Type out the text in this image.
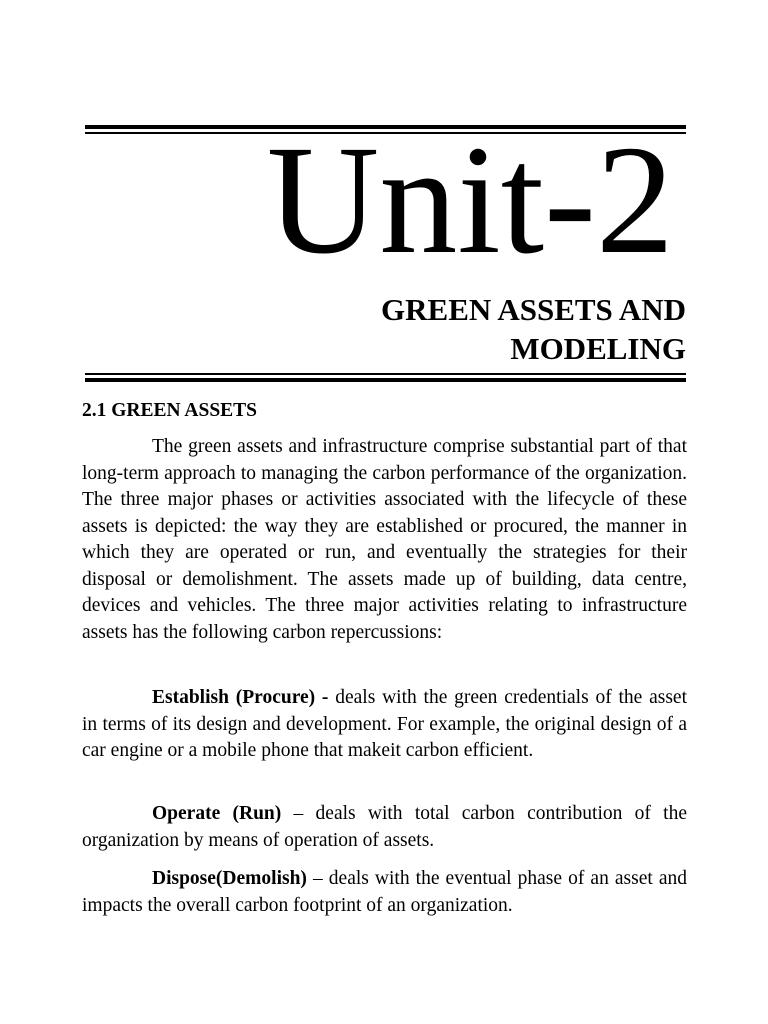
Unit-2
GREEN ASSETS AND
MODELING
2.1 GREEN ASSETS

The green assets and infrastructure comprise substantial part of that long-term approach to managing the carbon performance of the organization. The three major phases or activities associated with the lifecycle of these assets is depicted: the way they are established or procured, the manner in which they are operated or run, and eventually the strategies for their disposal or demolishment. The assets made up of building, data centre, devices and vehicles. The three major activities relating to infrastructure assets has the following carbon repercussions:

Establish (Procure) - deals with the green credentials of the asset in terms of its design and development. For example, the original design of a car engine or a mobile phone that makeit carbon efficient.

Operate (Run) – deals with total carbon contribution of the organization by means of operation of assets.

Dispose(Demolish) – deals with the eventual phase of an asset and impacts the overall carbon footprint of an organization.
